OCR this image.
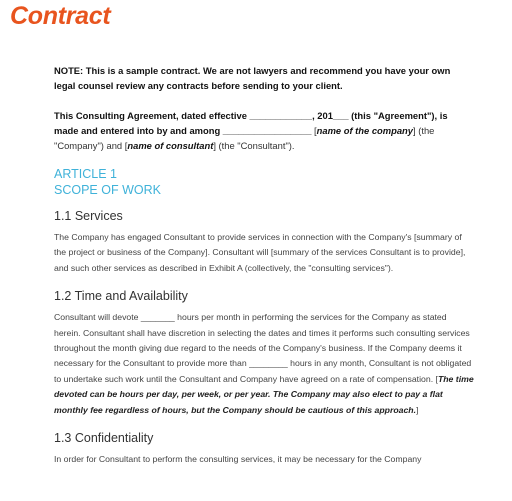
Contract

NOTE: This is a sample contract. We are not lawyers and recommend you have your own legal counsel review any contracts before sending to your client.

This Consulting Agreement, dated effective ____________, 201___ (this "Agreement"), is made and entered into by and among _________________ [name of the company] (the "Company") and [name of consultant] (the "Consultant").

ARTICLE 1
SCOPE OF WORK
1.1 Services

The Company has engaged Consultant to provide services in connection with the Company's [summary of the project or business of the Company]. Consultant will [summary of the services Consultant is to provide], and such other services as described in Exhibit A (collectively, the "consulting services").

1.2 Time and Availability

Consultant will devote _______ hours per month in performing the services for the Company as stated herein. Consultant shall have discretion in selecting the dates and times it performs such consulting services throughout the month giving due regard to the needs of the Company's business. If the Company deems it necessary for the Consultant to provide more than ________ hours in any month, Consultant is not obligated to undertake such work until the Consultant and Company have agreed on a rate of compensation. [The time devoted can be hours per day, per week, or per year. The Company may also elect to pay a flat monthly fee regardless of hours, but the Company should be cautious of this approach.]

1.3 Confidentiality

In order for Consultant to perform the consulting services, it may be necessary for the Company
